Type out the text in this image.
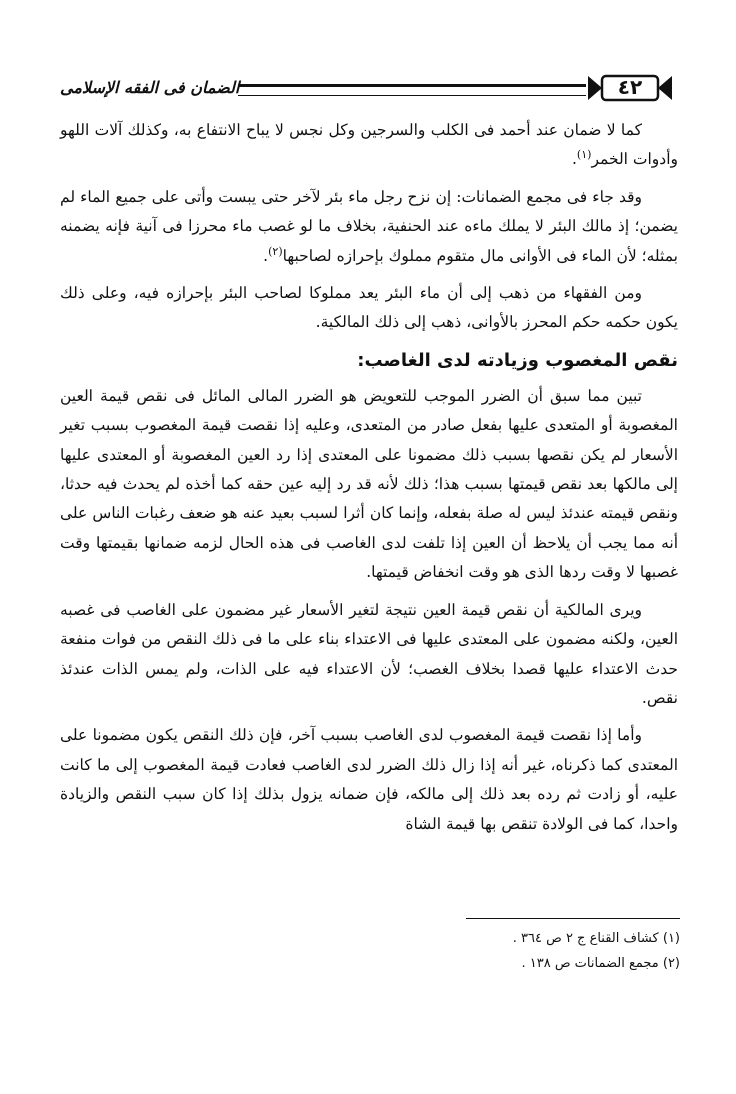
الضمان فى الفقه الإسلامى	٤٢

كما لا ضمان عند أحمد فى الكلب والسرجين وكل نجس لا يباح الانتفاع به، وكذلك آلات اللهو وأدوات الخمر$^{(١)}$.

وقد جاء فى مجمع الضمانات: إن نزح رجل ماء بئر لآخر حتى يبست وأتى على جميع الماء لم يضمن؛ إذ مالك البئر لا يملك ماءه عند الحنفية، بخلاف ما لو غصب ماء محرزا فى آنية فإنه يضمنه بمثله؛ لأن الماء فى الأوانى مال متقوم مملوك بإحرازه لصاحبها$^{(٢)}$.

ومن الفقهاء من ذهب إلى أن ماء البئر يعد مملوكا لصاحب البئر بإحرازه فيه، وعلى ذلك يكون حكمه حكم المحرز بالأوانى، ذهب إلى ذلك المالكية.

نقص المغصوب وزيادته لدى الغاصب:

تبين مما سبق أن الضرر الموجب للتعويض هو الضرر المالى المائل فى نقص قيمة العين المغصوبة أو المتعدى عليها بفعل صادر من المتعدى، وعليه إذا نقصت قيمة المغصوب بسبب تغير الأسعار لم يكن نقصها بسبب ذلك مضمونا على المعتدى إذا رد العين المغصوبة أو المعتدى عليها إلى مالكها بعد نقص قيمتها بسبب هذا؛ ذلك لأنه قد رد إليه عين حقه كما أخذه لم يحدث فيه حدثا، ونقص قيمته عندئذ ليس له صلة بفعله، وإنما كان أثرا لسبب بعيد عنه هو ضعف رغبات الناس على أنه مما يجب أن يلاحظ أن العين إذا تلفت لدى الغاصب فى هذه الحال لزمه ضمانها بقيمتها وقت غصبها لا وقت ردها الذى هو وقت انخفاض قيمتها.

ويرى المالكية أن نقص قيمة العين نتيجة لتغير الأسعار غير مضمون على الغاصب فى غصبه العين، ولكنه مضمون على المعتدى عليها فى الاعتداء بناء على ما فى ذلك النقص من فوات منفعة حدث الاعتداء عليها قصدا بخلاف الغصب؛ لأن الاعتداء فيه على الذات، ولم يمس الذات عندئذ نقص.

وأما إذا نقصت قيمة المغصوب لدى الغاصب بسبب آخر، فإن ذلك النقص يكون مضمونا على المعتدى كما ذكرناه، غير أنه إذا زال ذلك الضرر لدى الغاصب فعادت قيمة المغصوب إلى ما كانت عليه، أو زادت ثم رده بعد ذلك إلى مالكه، فإن ضمانه يزول بذلك إذا كان سبب النقص والزيادة واحدا، كما فى الولادة تنقص بها قيمة الشاة

(١) كشاف القناع ج ٢ ص ٣٦٤ .
(٢) مجمع الضمانات ص ١٣٨ .
